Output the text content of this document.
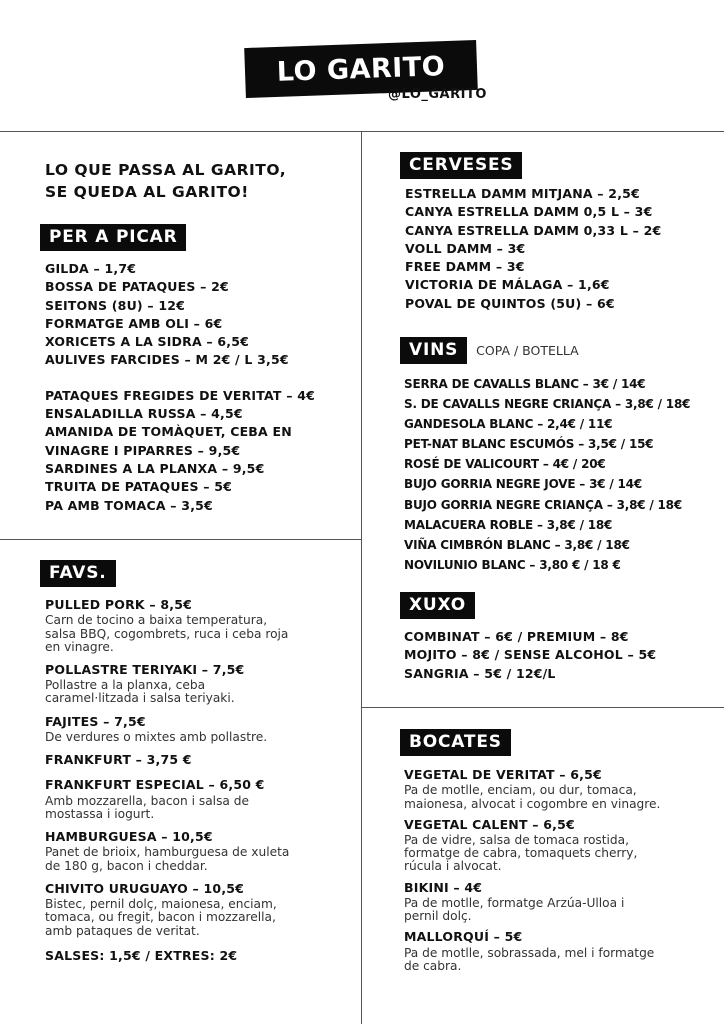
LO GARITO
@LO_GARITO
LO QUE PASSA AL GARITO,
SE QUEDA AL GARITO!
PER A PICAR
GILDA – 1,7€
BOSSA DE PATAQUES – 2€
SEITONS (8U) – 12€
FORMATGE AMB OLI – 6€
XORICETS A LA SIDRA – 6,5€
AULIVES FARCIDES – M 2€ / L 3,5€
PATAQUES FREGIDES DE VERITAT – 4€
ENSALADILLA RUSSA – 4,5€
AMANIDA DE TOMÀQUET, CEBA EN
VINAGRE I PIPARRES – 9,5€
SARDINES A LA PLANXA – 9,5€
TRUITA DE PATAQUES – 5€
PA AMB TOMACA – 3,5€
FAVS.
PULLED PORK – 8,5€
Carn de tocino a baixa temperatura,
salsa BBQ, cogombrets, ruca i ceba roja
en vinagre.
POLLASTRE TERIYAKI – 7,5€
Pollastre a la planxa, ceba
caramel·litzada i salsa teriyaki.
FAJITES – 7,5€
De verdures o mixtes amb pollastre.
FRANKFURT – 3,75 €
FRANKFURT ESPECIAL – 6,50 €
Amb mozzarella, bacon i salsa de
mostassa i iogurt.
HAMBURGUESA – 10,5€
Panet de brioix, hamburguesa de xuleta
de 180 g, bacon i cheddar.
CHIVITO URUGUAYO – 10,5€
Bistec, pernil dolç, maionesa, enciam,
tomaca, ou fregit, bacon i mozzarella,
amb pataques de veritat.
SALSES: 1,5€ / EXTRES: 2€
CERVESES
ESTRELLA DAMM MITJANA – 2,5€
CANYA ESTRELLA DAMM 0,5 L – 3€
CANYA ESTRELLA DAMM 0,33 L – 2€
VOLL DAMM – 3€
FREE DAMM – 3€
VICTORIA DE MÁLAGA – 1,6€
POVAL DE QUINTOS (5U) – 6€
VINS	COPA / BOTELLA
SERRA DE CAVALLS BLANC – 3€ / 14€
S. DE CAVALLS NEGRE CRIANÇA – 3,8€ / 18€
GANDESOLA BLANC – 2,4€ / 11€
PET-NAT BLANC ESCUMÓS – 3,5€ / 15€
ROSÉ DE VALICOURT – 4€ / 20€
BUJO GORRIA NEGRE JOVE – 3€ / 14€
BUJO GORRIA NEGRE CRIANÇA – 3,8€ / 18€
MALACUERA ROBLE – 3,8€ / 18€
VIÑA CIMBRÓN BLANC – 3,8€ / 18€
NOVILUNIO BLANC – 3,80 € / 18 €
XUXO
COMBINAT – 6€ / PREMIUM – 8€
MOJITO – 8€ / SENSE ALCOHOL – 5€
SANGRIA – 5€ / 12€/L
BOCATES
VEGETAL DE VERITAT – 6,5€
Pa de motlle, enciam, ou dur, tomaca,
maionesa, alvocat i cogombre en vinagre.
VEGETAL CALENT – 6,5€
Pa de vidre, salsa de tomaca rostida,
formatge de cabra, tomaquets cherry,
rúcula i alvocat.
BIKINI – 4€
Pa de motlle, formatge Arzúa-Ulloa i
pernil dolç.
MALLORQUÍ – 5€
Pa de motlle, sobrassada, mel i formatge
de cabra.
